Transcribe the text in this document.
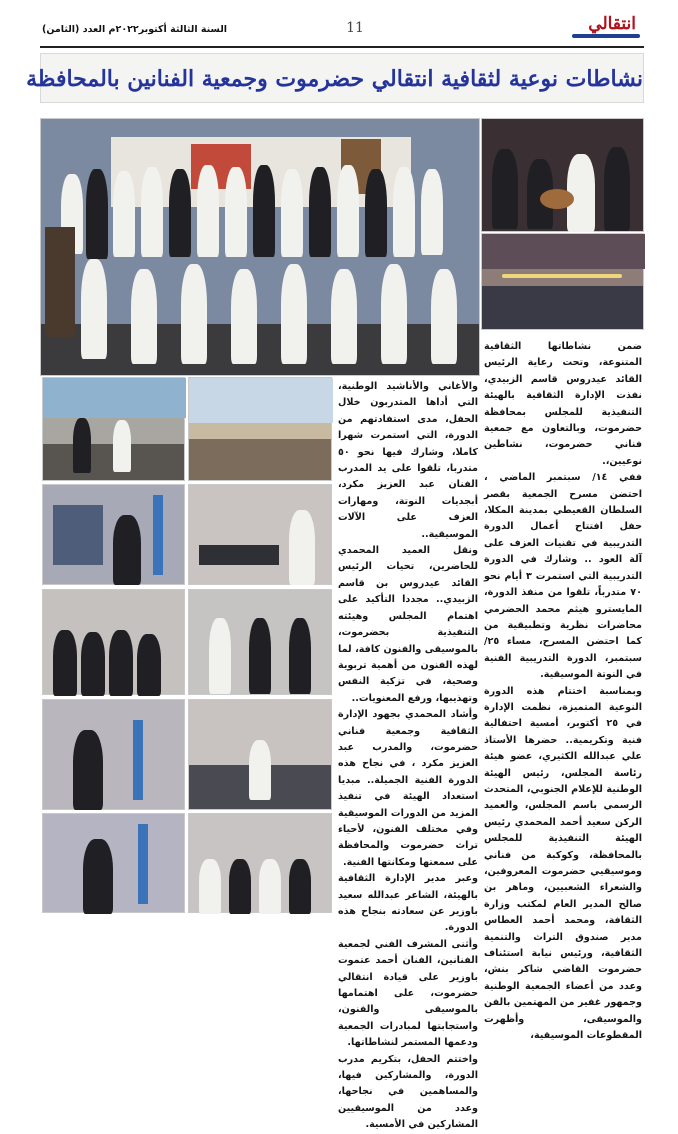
انتقالي
11
السنة الثالثة أكتوبر٢٠٢٢م العدد (الثامن)
نشاطات نوعية لثقافية انتقالي حضرموت وجمعية الفنانين بالمحافظة

ضمن نشاطاتها الثقافية المتنوعة، وتحت رعاية الرئيس القائد عيدروس قاسم الزبيدي، نفذت الإدارة الثقافية بالهيئة التنفيذية للمجلس بمحافظة حضرموت، وبالتعاون مع جمعية فناني حضرموت، نشاطين نوعيين،.

ففي ١٤/ سبتمبر الماضي ، احتضن مسرح الجمعية بقصر السلطان القعيطي بمدينة المكلا، حفل افتتاح أعمال الدورة التدريبية في تقنيات العزف على آلة العود .. وشارك في الدورة التدريبية التي استمرت ٣ أيام نحو ٧٠ متدرباً، تلقوا من منفذ الدورة، المايسترو هيثم محمد الحضرمي محاضرات نظرية وتطبيقية من كما احتضن المسرح، مساء ٢٥/ سبتمبر، الدورة التدريبية الفنية في النوتة الموسيقية.

وبمناسبة اختتام هذه الدورة النوعية المتميزة، نظمت الإدارة في ٢٥ أكتوبر، أمسية احتفالية فنية وتكريمية.. حضرها الأستاذ علي عبدالله الكثيري، عضو هيئة رئاسة المجلس، رئيس الهيئة الوطنية للإعلام الجنوبي، المتحدث الرسمي باسم المجلس، والعميد الركن سعيد أحمد المحمدي رئيس الهيئة التنفيذية للمجلس بالمحافظة، وكوكبة من فناني وموسيقيي حضرموت المعروفين، والشعراء الشعبيين، وماهر بن صالح المدير العام لمكتب وزارة الثقافة، ومحمد أحمد العطاس مدير صندوق التراث والتنمية الثقافية، ورئيس نيابة استئناف حضرموت القاضي شاكر بنش، وعدد من أعضاء الجمعية الوطنية وجمهور غفير من المهتمين بالفن والموسيقى، وأظهرت المقطوعات الموسيقية،

والأغاني والأناشيد الوطنية، التي أداها المتدربون خلال الحفل، مدى استفادتهم من الدورة، التي استمرت شهرا كاملا، وشارك فيها نحو ٥٠ متدربا، تلقوا على يد المدرب الفنان عبد العزيز مكرد، أبجديات النوتة، ومهارات العزف على الآلات الموسيقية..

ونقل العميد المحمدي للحاضرين، تحيات الرئيس القائد عيدروس بن قاسم الزبيدي.. مجددا التأكيد على اهتمام المجلس وهيئته التنفيذية بحضرموت، بالموسيقى والفنون كافة، لما لهذه الفنون من أهمية تربوية وصحية، في تزكية النفس وتهذيبها، ورفع المعنويات..

وأشاد المحمدي بجهود الإدارة الثقافية وجمعية فناني حضرموت، والمدرب عبد العزيز مكرد ، في نجاح هذه الدورة الفنية الجميلة.. مبديا استعداد الهيئة في تنفيذ المزيد من الدورات الموسيقية وفي مختلف الفنون، لأحياء تراث حضرموت والمحافظة على سمعتها ومكانتها الفنية.

وعبر مدير الإدارة الثقافية بالهيئة، الشاعر عبدالله سعيد باوزير عن سعادته بنجاح هذه الدورة.

وأثنى المشرف الفني لجمعية الفنانين، الفنان أحمد عتموت باوزير على قيادة انتقالي حضرموت، على اهتمامها بالموسيقى والفنون، واستجابتها لمبادرات الجمعية ودعمها المستمر لنشاطاتها.

واختتم الحفل، بتكريم مدرب الدورة، والمشاركين فيها، والمساهمين في نجاحها، وعدد من الموسيقيين المشاركين في الأمسية.
